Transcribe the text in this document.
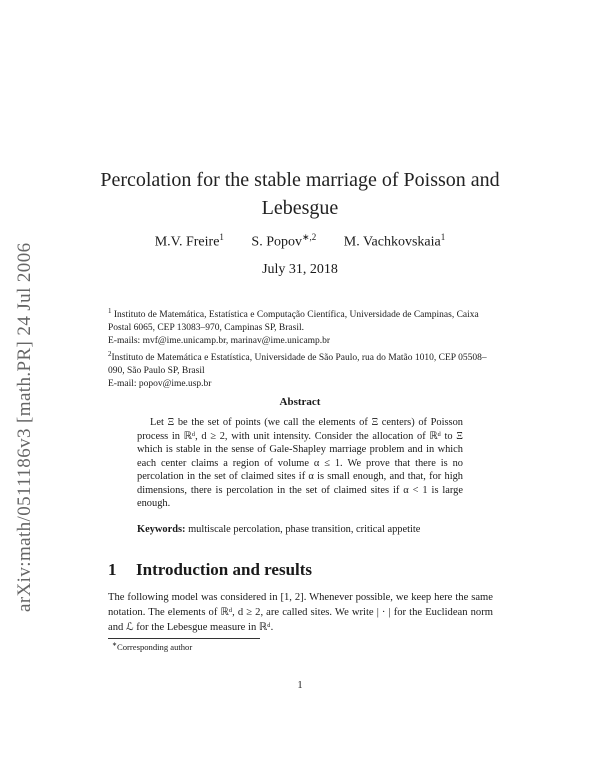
arXiv:math/0511186v3 [math.PR] 24 Jul 2006
Percolation for the stable marriage of Poisson and Lebesgue
M.V. Freire$^1$ S. Popov$^{∗,2}$ M. Vachkovskaia$^1$
July 31, 2018

$^1$ Instituto de Matemática, Estatística e Computação Científica, Universidade de Campinas, Caixa Postal 6065, CEP 13083–970, Campinas SP, Brasil.

E-mails: mvf@ime.unicamp.br, marinav@ime.unicamp.br

$^2$Instituto de Matemática e Estatística, Universidade de São Paulo, rua do Matão 1010, CEP 05508–090, São Paulo SP, Brasil

E-mail: popov@ime.usp.br

Abstract

Let Ξ be the set of points (we call the elements of Ξ centers) of Poisson process in ℝᵈ, d ≥ 2, with unit intensity. Consider the allocation of ℝᵈ to Ξ which is stable in the sense of Gale-Shapley marriage problem and in which each center claims a region of volume α ≤ 1. We prove that there is no percolation in the set of claimed sites if α is small enough, and that, for high dimensions, there is percolation in the set of claimed sites if α < 1 is large enough.

Keywords: multiscale percolation, phase transition, critical appetite
1 Introduction and results

The following model was considered in [1, 2]. Whenever possible, we keep here the same notation. The elements of ℝᵈ, d ≥ 2, are called sites. We write | · | for the Euclidean norm and ℒ for the Lebesgue measure in ℝᵈ.

∗Corresponding author
1
